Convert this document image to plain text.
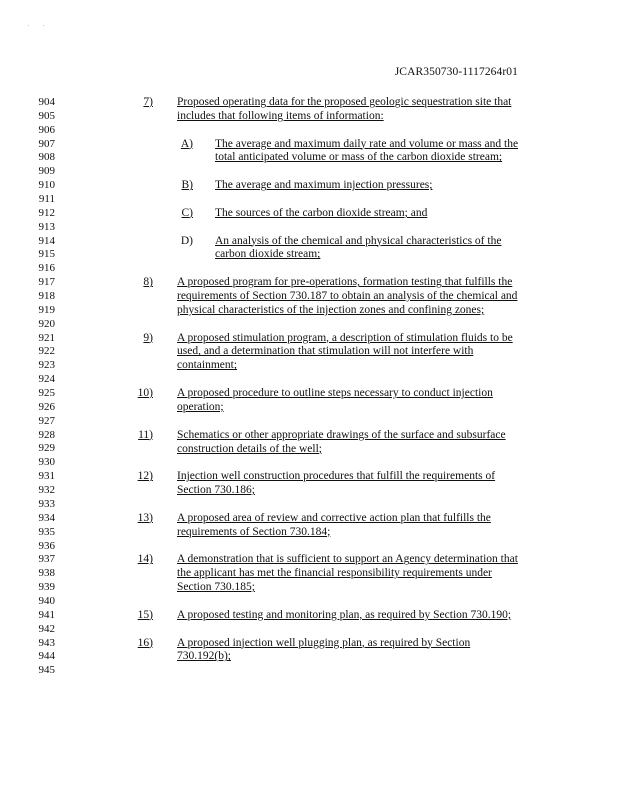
. .
JCAR350730-1117264r01
904
905
906
907
908
909
910
911
912
913
914
915
916
917
918
919
920
921
922
923
924
925
926
927
928
929
930
931
932
933
934
935
936
937
938
939
940
941
942
943
944
945
7) Proposed operating data for the proposed geologic sequestration site that
includes that following items of information:
A) The average and maximum daily rate and volume or mass and the
total anticipated volume or mass of the carbon dioxide stream;
B) The average and maximum injection pressures;
C) The sources of the carbon dioxide stream; and
D) An analysis of the chemical and physical characteristics of the
carbon dioxide stream;
8) A proposed program for pre-operations, formation testing that fulfills the
requirements of Section 730.187 to obtain an analysis of the chemical and
physical characteristics of the injection zones and confining zones;
9) A proposed stimulation program, a description of stimulation fluids to be
used, and a determination that stimulation will not interfere with
containment;
10) A proposed procedure to outline steps necessary to conduct injection
operation;
11) Schematics or other appropriate drawings of the surface and subsurface
construction details of the well;
12) Injection well construction procedures that fulfill the requirements of
Section 730.186;
13) A proposed area of review and corrective action plan that fulfills the
requirements of Section 730.184;
14) A demonstration that is sufficient to support an Agency determination that
the applicant has met the financial responsibility requirements under
Section 730.185;
15) A proposed testing and monitoring plan, as required by Section 730.190;
16) A proposed injection well plugging plan, as required by Section
730.192(b);
